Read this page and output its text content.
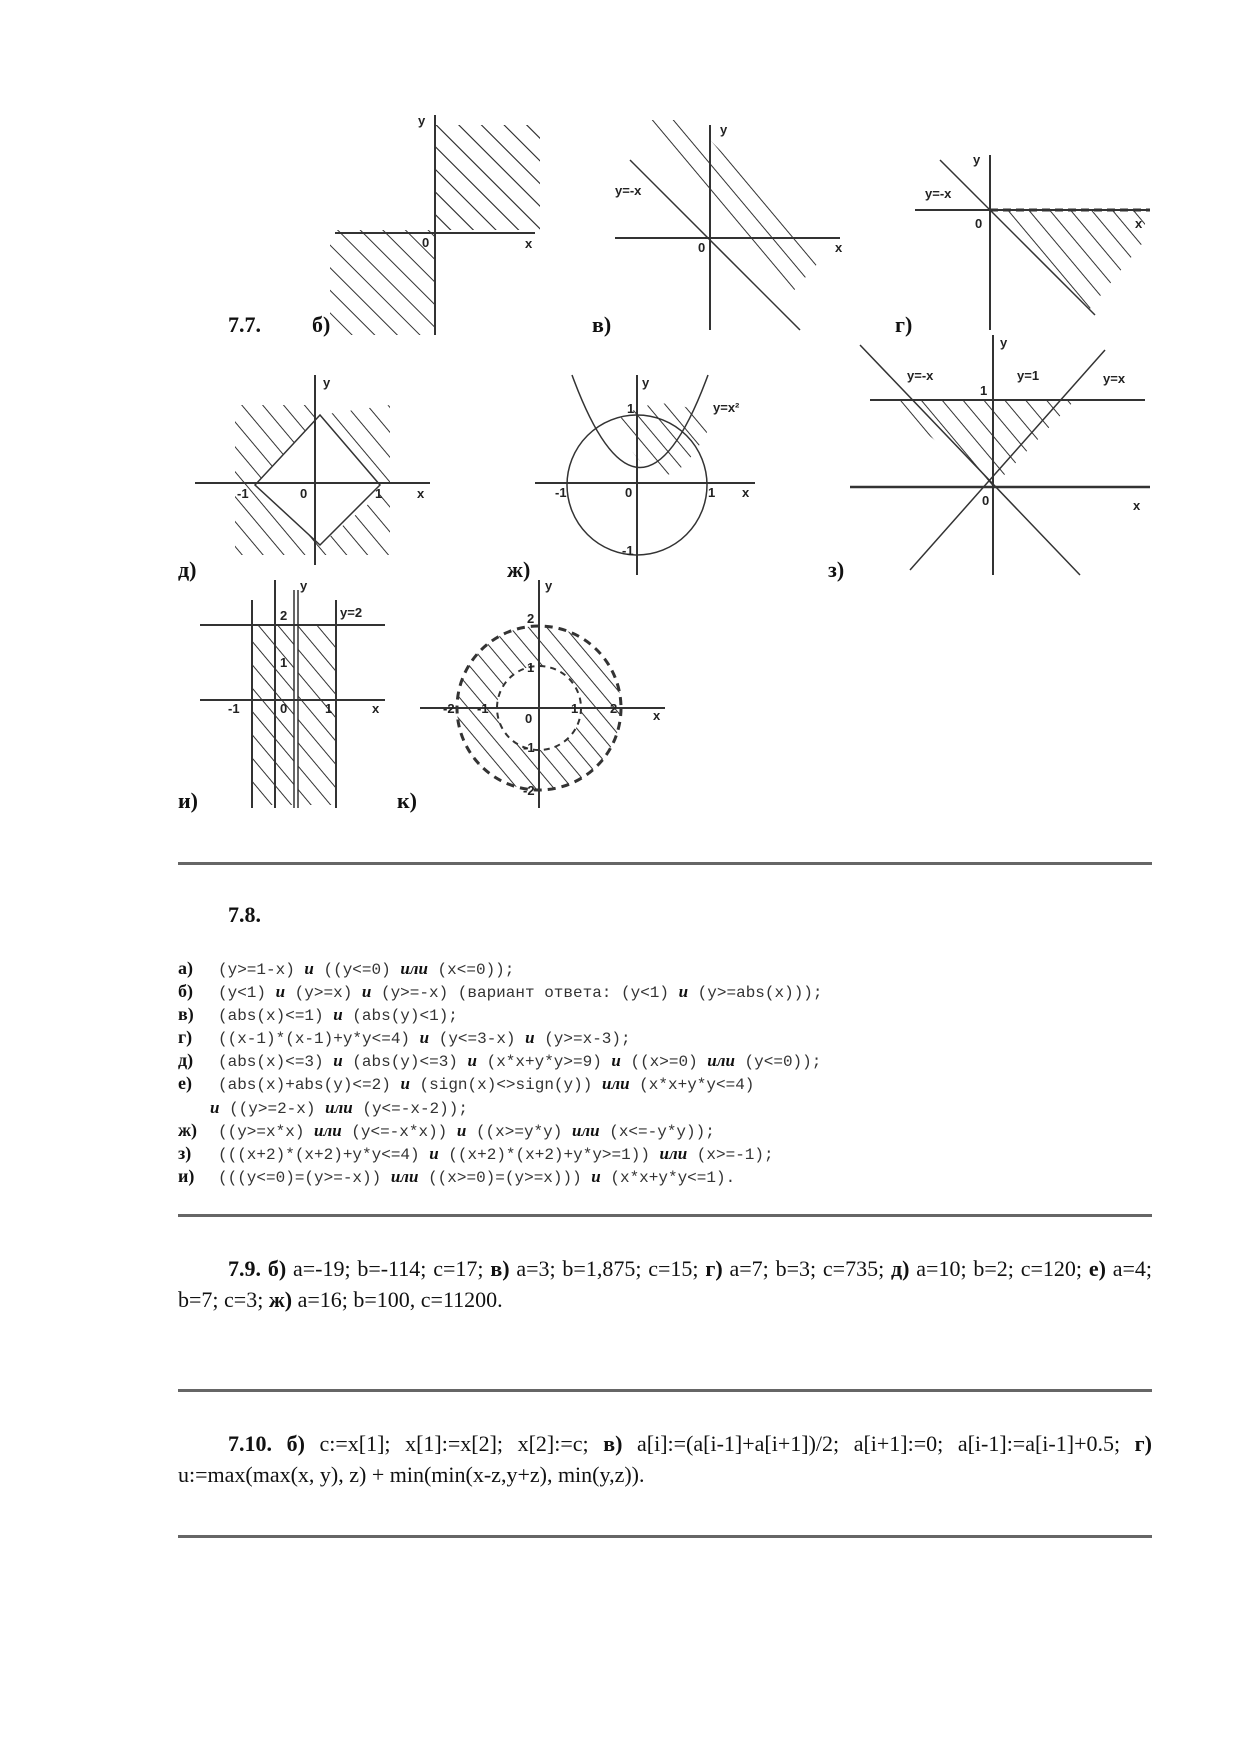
y
x
0
y
x
0
y=-x
y
x
0
y=-x
7.7. б)	в)	г)
y
x
0
-1	1
y
x
0
-1	1
1
-1
y=x²
y
x
0
1
y=-x	y=1	y=x
д)	ж)	з)
y
x
0
-1	1
1
2	y=2
y
x
0
-2 -1	1 2
2
1
-1
-2
и)	к)
7.8.
а) (y>=1-x) и ((y<=0) или (x<=0));
б) (y<1) и (y>=x) и (y>=-x) (вариант ответа: (y<1) и (y>=abs(x)));
в) (abs(x)<=1) и (abs(y)<1);
г) ((x-1)*(x-1)+y*y<=4) и (y<=3-x) и (y>=x-3);
д) (abs(x)<=3) и (abs(y)<=3) и (x*x+y*y>=9) и ((x>=0) или (y<=0));
е) (abs(x)+abs(y)<=2) и (sign(x)<>sign(y)) или (x*x+y*y<=4)
и ((y>=2-x) или (y<=-x-2));
ж) ((y>=x*x) или (y<=-x*x)) и ((x>=y*y) или (x<=-y*y));
з) (((x+2)*(x+2)+y*y<=4) и ((x+2)*(x+2)+y*y>=1)) или (x>=-1);
и) (((y<=0)=(y>=-x)) или ((x>=0)=(y>=x))) и (x*x+y*y<=1).
7.9. б) a=-19; b=-114; c=17; в) a=3; b=1,875; c=15; г) a=7; b=3; c=735; д) a=10; b=2; c=120; е) a=4; b=7; c=3; ж) a=16; b=100, c=11200.
7.10. б) c:=x[1]; x[1]:=x[2]; x[2]:=c; в) a[i]:=(a[i-1]+a[i+1])/2; a[i+1]:=0; a[i-1]:=a[i-1]+0.5; г) u:=max(max(x, y), z) + min(min(x-z,y+z), min(y,z)).
